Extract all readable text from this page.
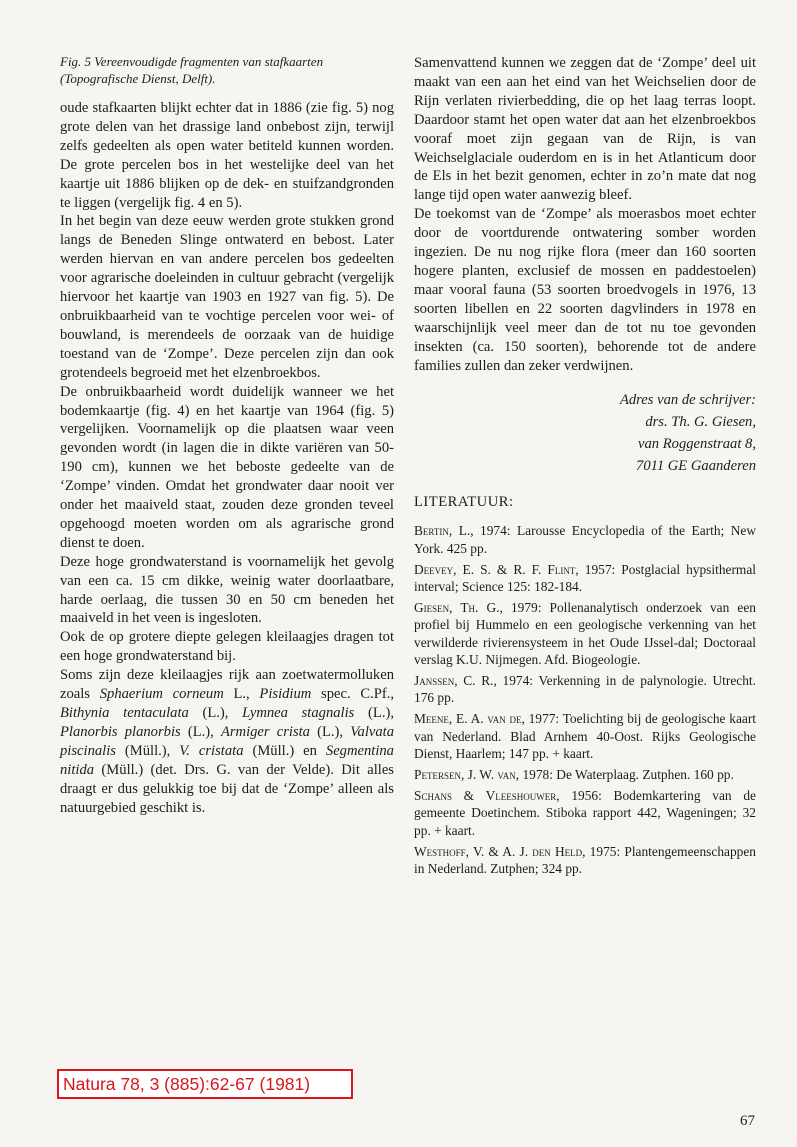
Fig. 5 Vereenvoudigde fragmenten van stafkaarten (Topografische Dienst, Delft).

oude stafkaarten blijkt echter dat in 1886 (zie fig. 5) nog grote delen van het drassige land onbebost zijn, terwijl zelfs gedeelten als open water betiteld kunnen worden. De grote percelen bos in het westelijke deel van het kaartje uit 1886 blijken op de dek- en stuifzandgronden te liggen (vergelijk fig. 4 en 5).

In het begin van deze eeuw werden grote stukken grond langs de Beneden Slinge ontwaterd en bebost. Later werden hiervan en van andere percelen bos gedeelten voor agrarische doeleinden in cultuur gebracht (vergelijk hiervoor het kaartje van 1903 en 1927 van fig. 5). De onbruikbaarheid van te vochtige percelen voor wei- of bouwland, is merendeels de oorzaak van de huidige toestand van de ‘Zompe’. Deze percelen zijn dan ook grotendeels begroeid met het elzenbroekbos.

De onbruikbaarheid wordt duidelijk wanneer we het bodemkaartje (fig. 4) en het kaartje van 1964 (fig. 5) vergelijken. Voornamelijk op die plaatsen waar veen gevonden wordt (in lagen die in dikte variëren van 50-190 cm), kunnen we het beboste gedeelte van de ‘Zompe’ vinden. Omdat het grondwater daar nooit ver onder het maaiveld staat, zouden deze gronden teveel opgehoogd moeten worden om als agrarische grond dienst te doen.

Deze hoge grondwaterstand is voornamelijk het gevolg van een ca. 15 cm dikke, weinig water doorlaatbare, harde oerlaag, die tussen 30 en 50 cm beneden het maaiveld in het veen is ingesloten.

Ook de op grotere diepte gelegen kleilaagjes dragen tot een hoge grondwaterstand bij.

Soms zijn deze kleilaagjes rijk aan zoetwatermolluken zoals Sphaerium corneum L., Pisidium spec. C.Pf., Bithynia tentaculata (L.), Lymnea stagnalis (L.), Planorbis planorbis (L.), Armiger crista (L.), Valvata piscinalis (Müll.), V. cristata (Müll.) en Segmentina nitida (Müll.) (det. Drs. G. van der Velde). Dit alles draagt er dus gelukkig toe bij dat de ‘Zompe’ alleen als natuurgebied geschikt is.

Samenvattend kunnen we zeggen dat de ‘Zompe’ deel uit maakt van een aan het eind van het Weichselien door de Rijn verlaten rivierbedding, die op het laag terras loopt. Daardoor stamt het open water dat aan het elzenbroekbos vooraf moet zijn gegaan van de Rijn, is van Weichselglaciale ouderdom en is in het Atlanticum door de Els in het bezit genomen, echter in zo’n mate dat nog lange tijd open water aanwezig bleef.

De toekomst van de ‘Zompe’ als moerasbos moet echter door de voortdurende ontwatering somber worden ingezien. De nu nog rijke flora (meer dan 160 soorten hogere planten, exclusief de mossen en paddestoelen) maar vooral fauna (53 soorten broedvogels in 1976, 13 soorten libellen en 22 soorten dagvlinders in 1978 en waarschijnlijk veel meer dan de tot nu toe gevonden insekten (ca. 150 soorten), behorende tot de andere families zullen dan zeker verdwijnen.

Adres van de schrijver:
drs. Th. G. Giesen,
van Roggenstraat 8,
7011 GE Gaanderen
LITERATUUR:

Bertin, L., 1974: Larousse Encyclopedia of the Earth; New York. 425 pp.

Deevey, E. S. & R. F. Flint, 1957: Postglacial hypsithermal interval; Science 125: 182-184.

Giesen, Th. G., 1979: Pollenanalytisch onderzoek van een profiel bij Hummelo en een geologische verkenning van het verwilderde rivierensysteem in het Oude IJssel-dal; Doctoraal verslag K.U. Nijmegen. Afd. Biogeologie.

Janssen, C. R., 1974: Verkenning in de palynologie. Utrecht. 176 pp.

Meene, E. A. van de, 1977: Toelichting bij de geologische kaart van Nederland. Blad Arnhem 40-Oost. Rijks Geologische Dienst, Haarlem; 147 pp. + kaart.

Petersen, J. W. van, 1978: De Waterplaag. Zutphen. 160 pp.

Schans & Vleeshouwer, 1956: Bodemkartering van de gemeente Doetinchem. Stiboka rapport 442, Wageningen; 32 pp. + kaart.

Westhoff, V. & A. J. den Held, 1975: Plantengemeenschappen in Nederland. Zutphen; 324 pp.

Natura 78, 3 (885):62-67 (1981)
67
